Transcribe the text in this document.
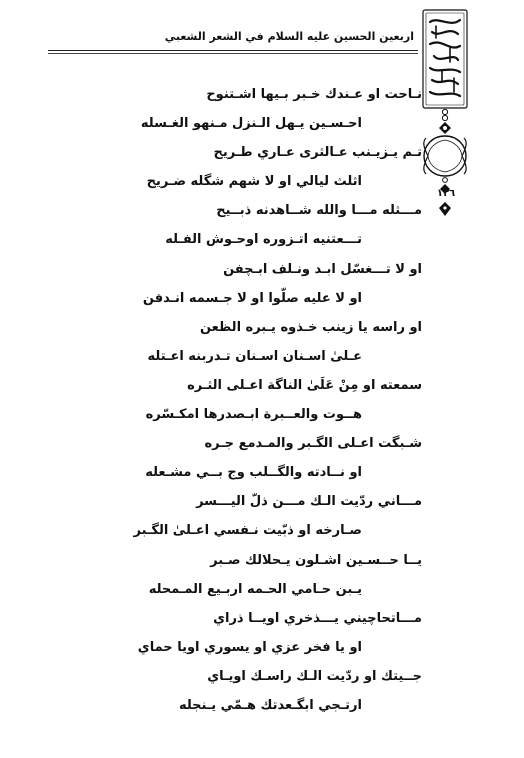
اربعين الحسين عليه السلام في الشعر الشعبي
١٣٦
نـاحت او عـندك خـبر بـيها اشـتنوح
احـسـين يـهل الـنزل مـنهو الغـسله
تـم يـزيـنب عـالثرى عـاري طـريح
اثلث ليالي او لا شهم شگله ضـريح
مـــثله مـــا والله شــاهدنه ذبــيح
تـــعتنيه اتـزوره اوحـوش الفـله
او لا تـــغسّل ابـد ونـلف ابـچفن
او لا عليه صلّوا او لا جـسمه انـدفن
او راسه يا زينب خـذوه يـبره الظعن
عـلىٰ اسـنان اسـنان تـدربنه اعـتله
سمعته او مِنْ عَلَىٰ الناگة اعـلى الثـره
هــوت والعــبرة ابـصدرها امكـسّره
شـبگت اعـلى الگـبر والمـدمع جـره
او نــادته والگــلب وج بــي مشـعله
مـــاني ردّيت الـك مـــن ذلّ اليـــسر
صـارخه او ذبّيت نـفسي اعـلىٰ الگـبر
يــا حــسـين اشـلون يـحلالك صـبر
يـبن حـامي الحـمه اربـيع المـمحله
مـــاتحاچيني يـــذخري اويــا ذراي
او يا فخر عزي او يسوري اويا حماي
جــيتك او ردّيت الـك راسـك اويـاي
ارتـجي ابگـعدتك هـمّي يـنجله
